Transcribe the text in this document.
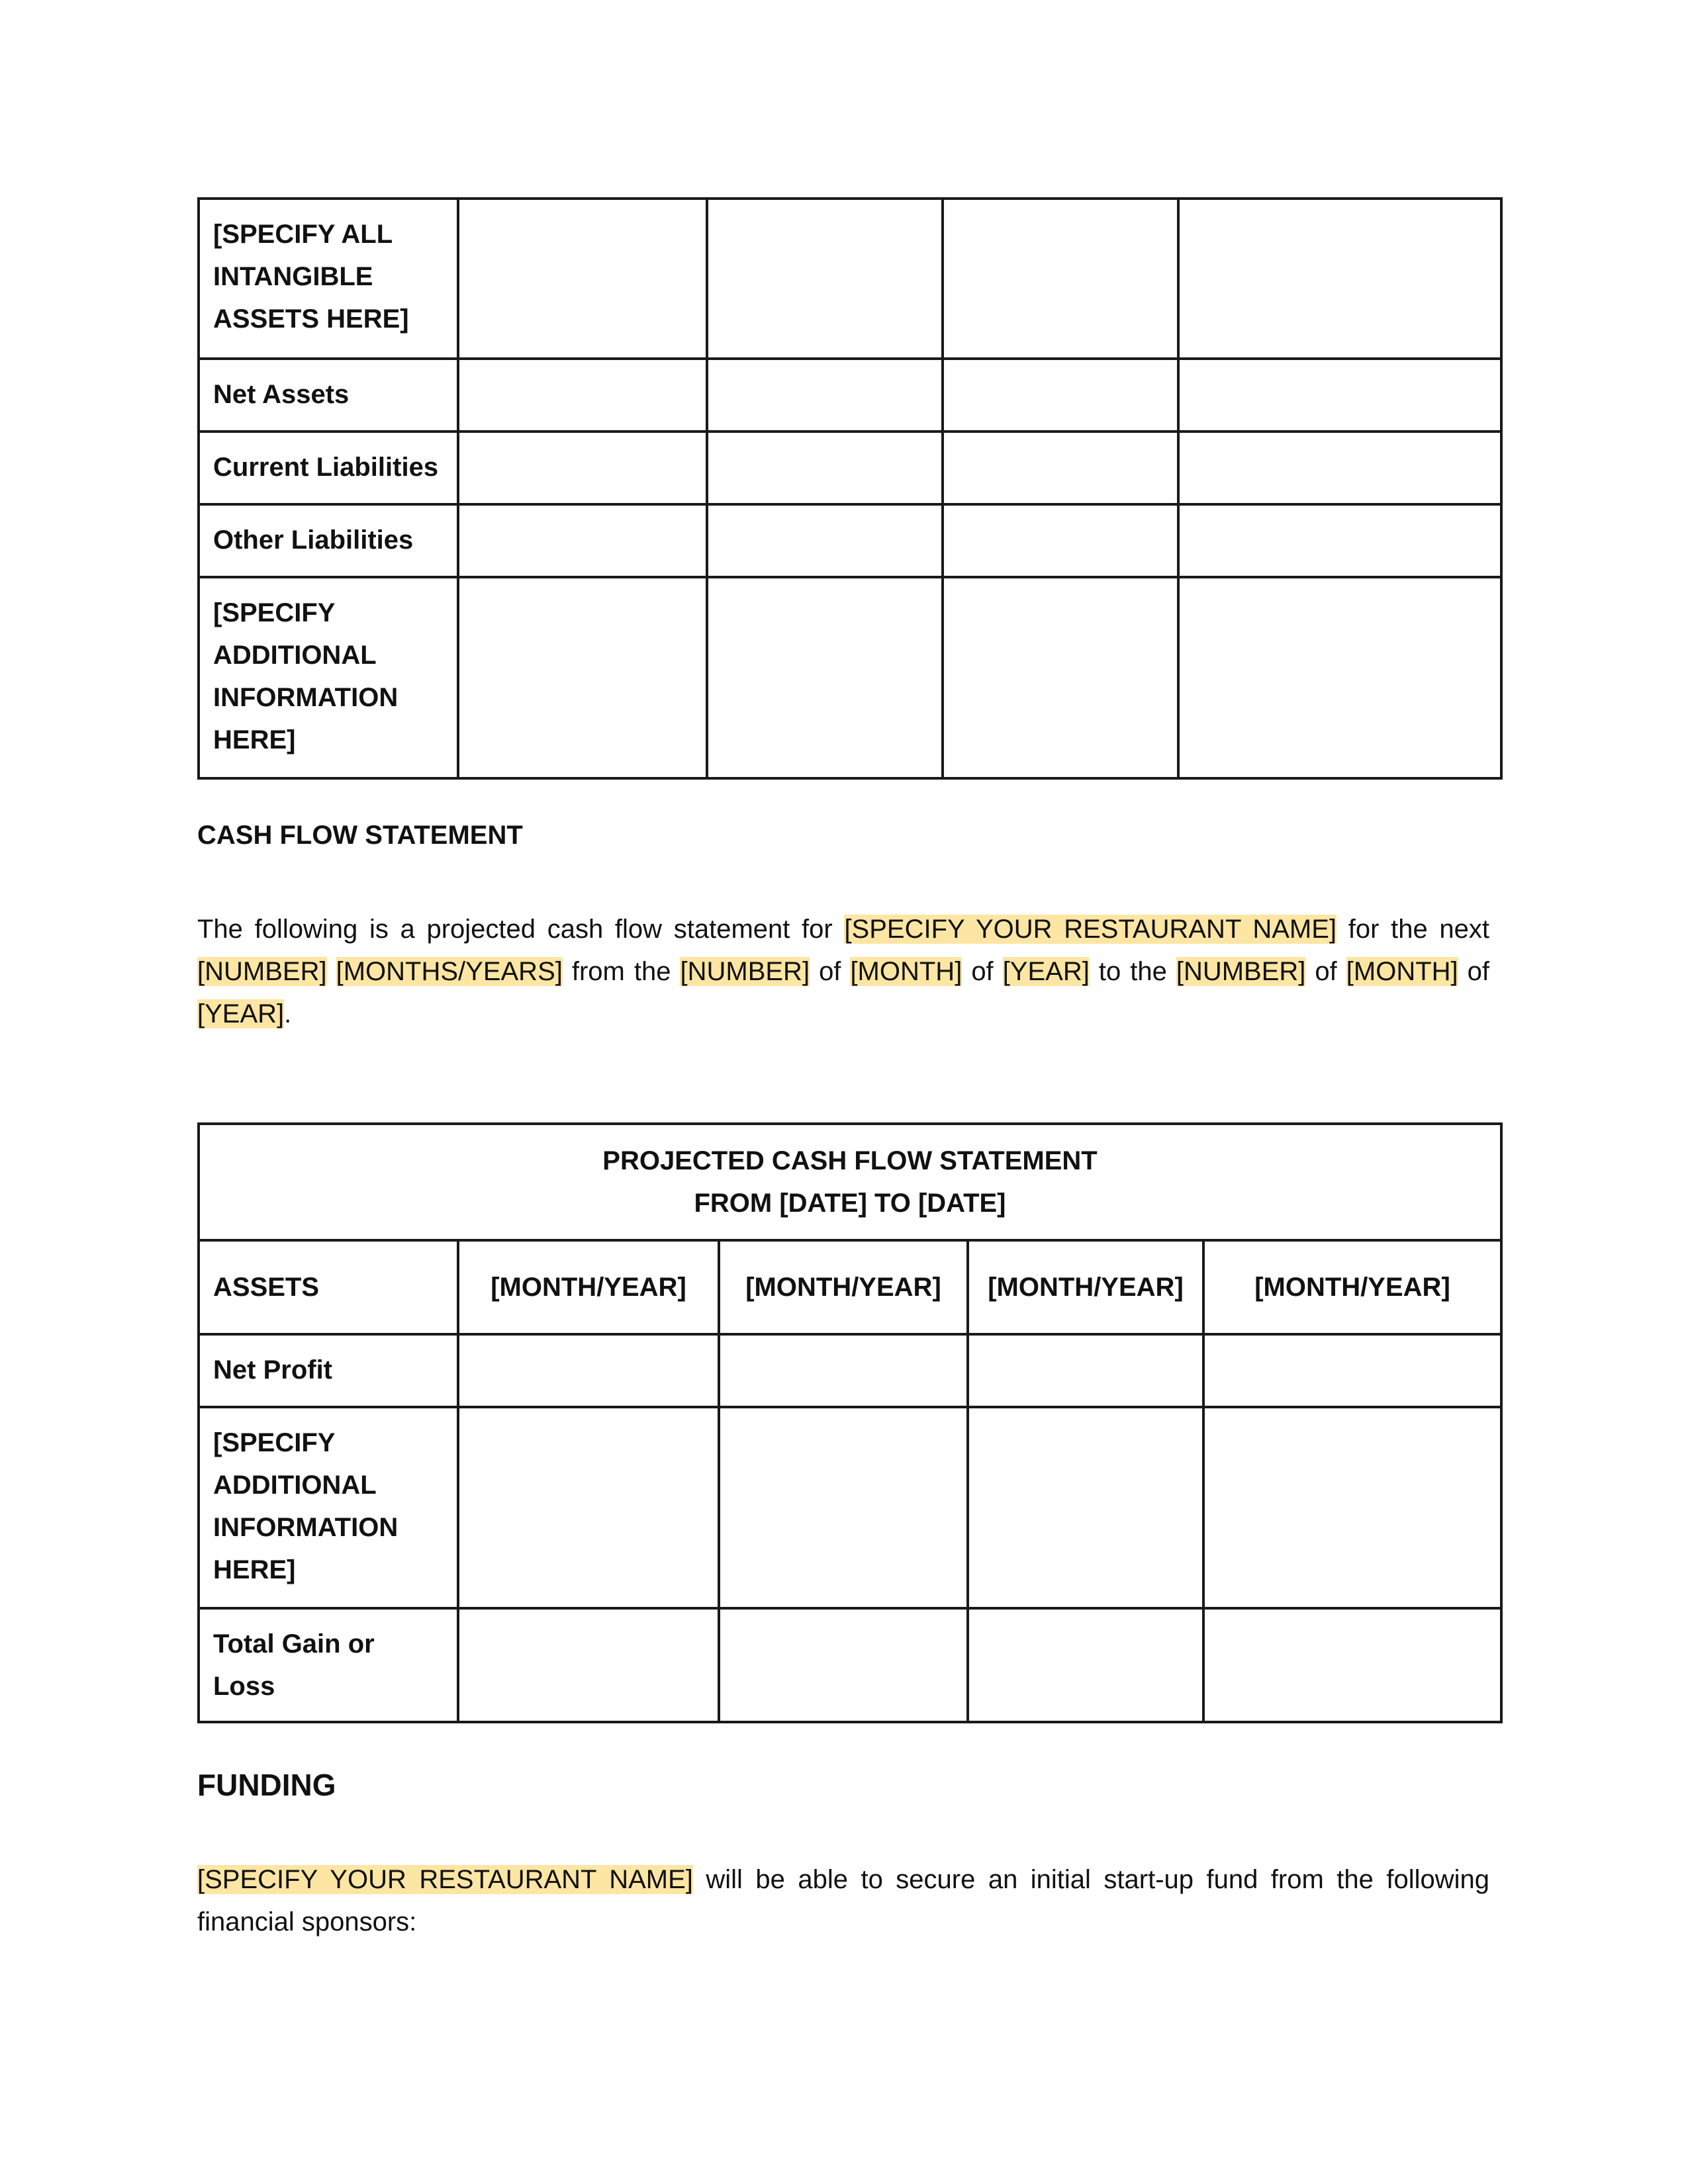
[SPECIFY ALL INTANGIBLE ASSETS HERE]				
Net Assets				
Current Liabilities				
Other Liabilities				
[SPECIFY ADDITIONAL INFORMATION HERE]				
CASH FLOW STATEMENT

The following is a projected cash flow statement for [SPECIFY YOUR RESTAURANT NAME] for the next [NUMBER] [MONTHS/YEARS] from the [NUMBER] of [MONTH] of [YEAR] to the [NUMBER] of [MONTH] of [YEAR].

PROJECTED CASH FLOW STATEMENT
FROM [DATE] TO [DATE]				

ASSETS	[MONTH/YEAR]	[MONTH/YEAR]	[MONTH/YEAR]	[MONTH/YEAR]
Net Profit				
[SPECIFY ADDITIONAL INFORMATION HERE]				
Total Gain or Loss				
FUNDING

[SPECIFY YOUR RESTAURANT NAME] will be able to secure an initial start-up fund from the following financial sponsors:
